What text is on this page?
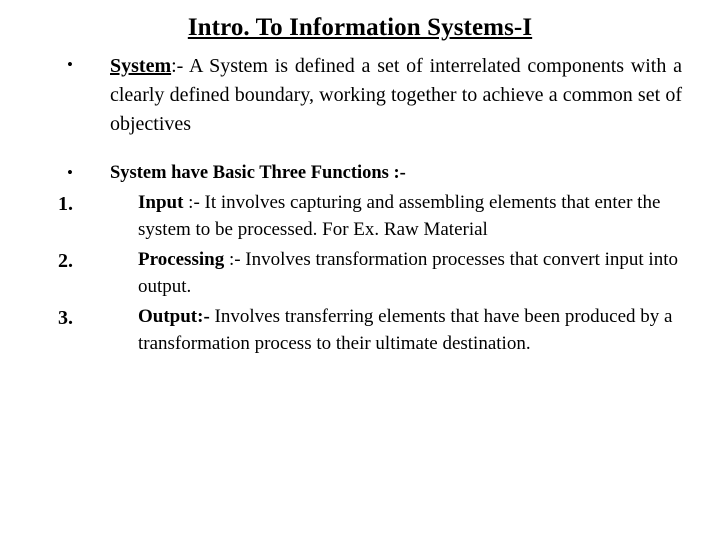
Intro. To Information Systems-I
•	System:- A System is defined a set of interrelated components with a clearly defined boundary, working together to achieve a common set of objectives
•	System have Basic Three Functions :-
1.	Input :- It involves capturing and assembling elements that enter the system to be processed. For Ex. Raw Material
2.	Processing :- Involves transformation processes that convert input into output.
3.	Output:- Involves transferring elements that have been produced by a transformation process to their ultimate destination.
